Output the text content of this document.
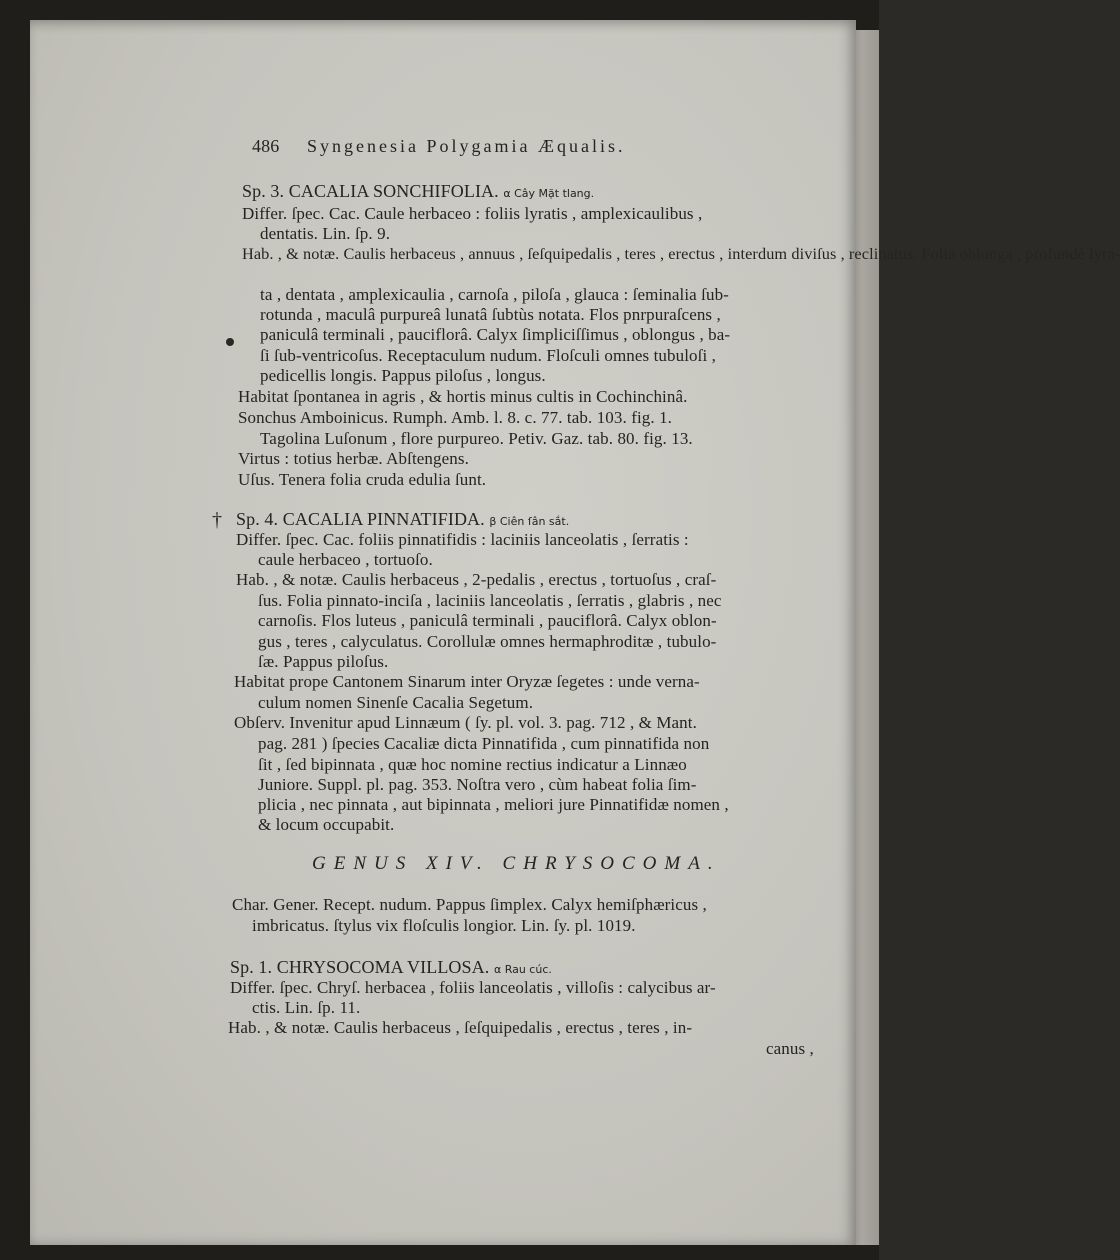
486 Syngenesia Polygamia Æqualis.
Sp. 3. CACALIA SONCHIFOLIA. α Cây Mặt tlang.
Differ. ſpec. Cac. Caule herbaceo : foliis lyratis , amplexicaulibus ,
dentatis. Lin. ſp. 9.
Hab. , & notæ. Caulis herbaceus , annuus , ſeſquipedalis , teres , erectus , interdum diviſus , reclinatus. Folia oblonga , profundè lyra-
ta , dentata , amplexicaulia , carnoſa , piloſa , glauca : ſeminalia ſub-
rotunda , maculâ purpureâ lunatâ ſubtùs notata. Flos pnrpuraſcens ,
paniculâ terminali , pauciflorâ. Calyx ſimpliciſſimus , oblongus , ba-
ſi ſub-ventricoſus. Receptaculum nudum. Floſculi omnes tubuloſi ,
pedicellis longis. Pappus piloſus , longus.
Habitat ſpontanea in agris , & hortis minus cultis in Cochinchinâ.
Sonchus Amboinicus. Rumph. Amb. l. 8. c. 77. tab. 103. fig. 1.
Tagolina Luſonum , flore purpureo. Petiv. Gaz. tab. 80. fig. 13.
Virtus : totius herbæ. Abſtengens.
Uſus. Tenera folia cruda edulia ſunt.
† Sp. 4. CACALIA PINNATIFIDA. β Ciên ſân sắt.
Differ. ſpec. Cac. foliis pinnatifidis : laciniis lanceolatis , ſerratis :
caule herbaceo , tortuoſo.
Hab. , & notæ. Caulis herbaceus , 2-pedalis , erectus , tortuoſus , craſ-
ſus. Folia pinnato-inciſa , laciniis lanceolatis , ſerratis , glabris , nec
carnoſis. Flos luteus , paniculâ terminali , pauciflorâ. Calyx oblon-
gus , teres , calyculatus. Corollulæ omnes hermaphroditæ , tubulo-
ſæ. Pappus piloſus.
Habitat prope Cantonem Sinarum inter Oryzæ ſegetes : unde verna-
culum nomen Sinenſe Cacalia Segetum.
Obſerv. Invenitur apud Linnæum ( ſy. pl. vol. 3. pag. 712 , & Mant.
pag. 281 ) ſpecies Cacaliæ dicta Pinnatifida , cum pinnatifida non
ſit , ſed bipinnata , quæ hoc nomine rectius indicatur a Linnæo
Juniore. Suppl. pl. pag. 353. Noſtra vero , cùm habeat folia ſim-
plicia , nec pinnata , aut bipinnata , meliori jure Pinnatifidæ nomen ,
& locum occupabit.
GENUS XIV. CHRYSOCOMA.
Char. Gener. Recept. nudum. Pappus ſimplex. Calyx hemiſphæricus ,
imbricatus. ſtylus vix floſculis longior. Lin. ſy. pl. 1019.
Sp. 1. CHRYSOCOMA VILLOSA. α Rau cúc.
Differ. ſpec. Chryſ. herbacea , foliis lanceolatis , villoſis : calycibus ar-
ctis. Lin. ſp. 11.
Hab. , & notæ. Caulis herbaceus , ſeſquipedalis , erectus , teres , in-
canus ,
